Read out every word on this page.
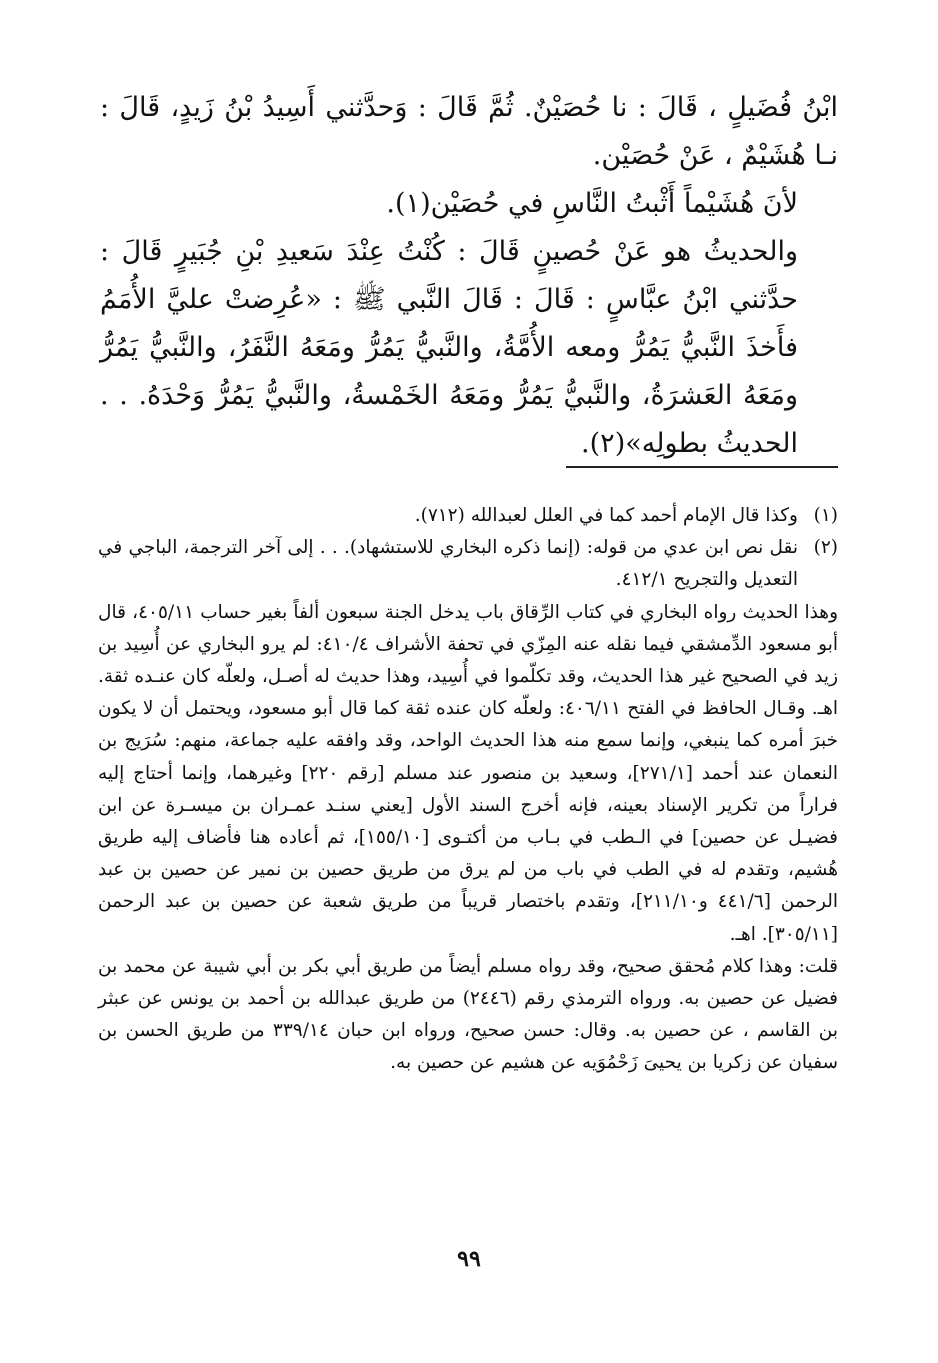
ابْنُ فُضَيلٍ ، قَالَ : نا حُصَيْنٌ. ثُمَّ قَالَ : وَحدَّثني أَسِيدُ بْنُ زَيدٍ، قَالَ : نـا هُشَيْمٌ ، عَنْ حُصَيْن.

لأنَ هُشَيْماً أَثْبتُ النَّاسِ في حُصَيْن(١).

والحديثُ هو عَنْ حُصينٍ قَالَ : كُنْتُ عِنْدَ سَعيدِ بْنِ جُبَيرٍ قَالَ : حدَّثني ابْنُ عبَّاسٍ : قَالَ : قَالَ النَّبي ﷺ : «عُرِضتْ عليَّ الأُمَمُ فأَخذَ النَّبيُّ يَمُرُّ ومعه الأُمَّةُ، والنَّبيُّ يَمُرُّ ومَعَهُ النَّفَرُ، والنَّبيُّ يَمُرُّ ومَعَهُ العَشرَةُ، والنَّبيُّ يَمُرُّ ومَعَهُ الخَمْسةُ، والنَّبيُّ يَمُرُّ وَحْدَهُ. . . الحديثُ بطولِه»(٢).

(١)
وكذا قال الإمام أحمد كما في العلل لعبدالله (٧١٢).
(٢)
نقل نص ابن عدي من قوله: (إنما ذكره البخاري للاستشهاد). . . إلى آخر الترجمة، الباجي في التعديل والتجريح ٤١٢/١.

وهذا الحديث رواه البخاري في كتاب الرِّقاق باب يدخل الجنة سبعون ألفاً بغير حساب ٤٠٥/١١، قال أبو مسعود الدِّمشقي فيما نقله عنه المِزّي في تحفة الأشراف ٤١٠/٤: لم يرو البخاري عن أُسِيد بن زيد في الصحيح غير هذا الحديث، وقد تكلّموا في أُسِيد، وهذا حديث له أصـل، ولعلّه كان عنـده ثقة. اهـ. وقـال الحافظ في الفتح ٤٠٦/١١: ولعلّه كان عنده ثقة كما قال أبو مسعود، ويحتمل أن لا يكون خبرَ أمره كما ينبغي، وإنما سمع منه هذا الحديث الواحد، وقد وافقه عليه جماعة، منهم: سُرَيج بن النعمان عند أحمد [٢٧١/١]، وسعيد بن منصور عند مسلم [رقم ٢٢٠] وغيرهما، وإنما أحتاج إليه فراراً من تكرير الإسناد بعينه، فإنه أخرج السند الأول [يعني سنـد عمـران بن ميسـرة عن ابن فضيـل عن حصين] في الـطب في بـاب من أكتـوى [١٥٥/١٠]، ثم أعاده هنا فأضاف إليه طريق هُشيم، وتقدم له في الطب في باب من لم يرق من طريق حصين بن نمير عن حصين بن عبد الرحمن [٤٤١/٦ و٢١١/١٠]، وتقدم باختصار قريباً من طريق شعبة عن حصين بن عبد الرحمن [٣٠٥/١١]. اهـ.

قلت: وهذا كلام مُحقق صحيح، وقد رواه مسلم أيضاً من طريق أبي بكر بن أبي شيبة عن محمد بن فضيل عن حصين به. ورواه الترمذي رقم (٢٤٤٦) من طريق عبدالله بن أحمد بن يونس عن عبثر بن القاسم ، عن حصين به. وقال: حسن صحيح، ورواه ابن حبان ٣٣٩/١٤ من طريق الحسن بن سفيان عن زكريا بن يحيىَ زَحْمُوَيه عن هشيم عن حصين به.

٩٩
